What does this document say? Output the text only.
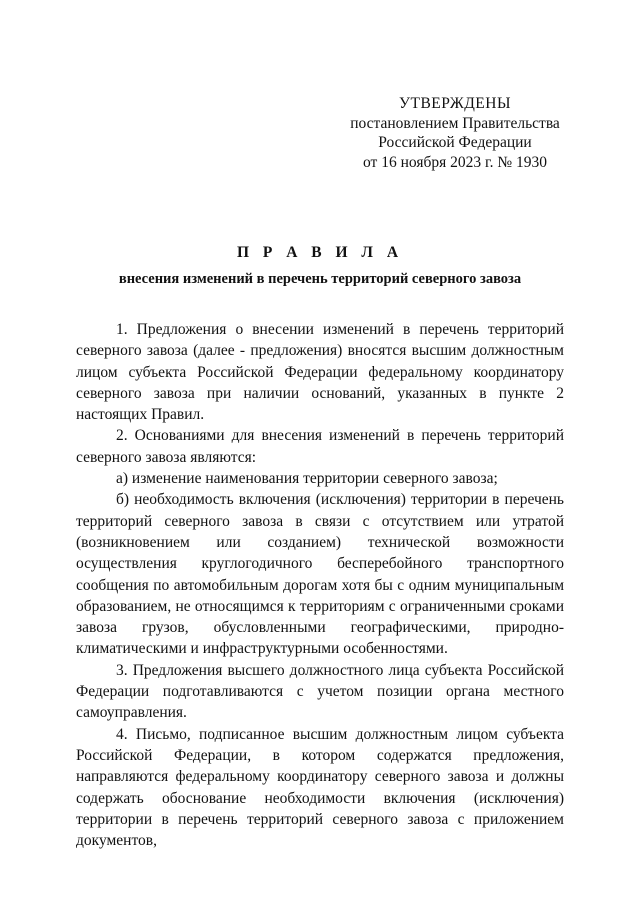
УТВЕРЖДЕНЫ
постановлением Правительства
Российской Федерации
от 16 ноября 2023 г. № 1930
П Р А В И Л А
внесения изменений в перечень территорий северного завоза

1. Предложения о внесении изменений в перечень территорий северного завоза (далее - предложения) вносятся высшим должностным лицом субъекта Российской Федерации федеральному координатору северного завоза при наличии оснований, указанных в пункте 2 настоящих Правил.

2. Основаниями для внесения изменений в перечень территорий северного завоза являются:

а) изменение наименования территории северного завоза;

б) необходимость включения (исключения) территории в перечень территорий северного завоза в связи с отсутствием или утратой (возникновением или созданием) технической возможности осуществления круглогодичного бесперебойного транспортного сообщения по автомобильным дорогам хотя бы с одним муниципальным образованием, не относящимся к территориям с ограниченными сроками завоза грузов, обусловленными географическими, природно-климатическими и инфраструктурными особенностями.

3. Предложения высшего должностного лица субъекта Российской Федерации подготавливаются с учетом позиции органа местного самоуправления.

4. Письмо, подписанное высшим должностным лицом субъекта Российской Федерации, в котором содержатся предложения, направляются федеральному координатору северного завоза и должны содержать обоснование необходимости включения (исключения) территории в перечень территорий северного завоза с приложением документов,
